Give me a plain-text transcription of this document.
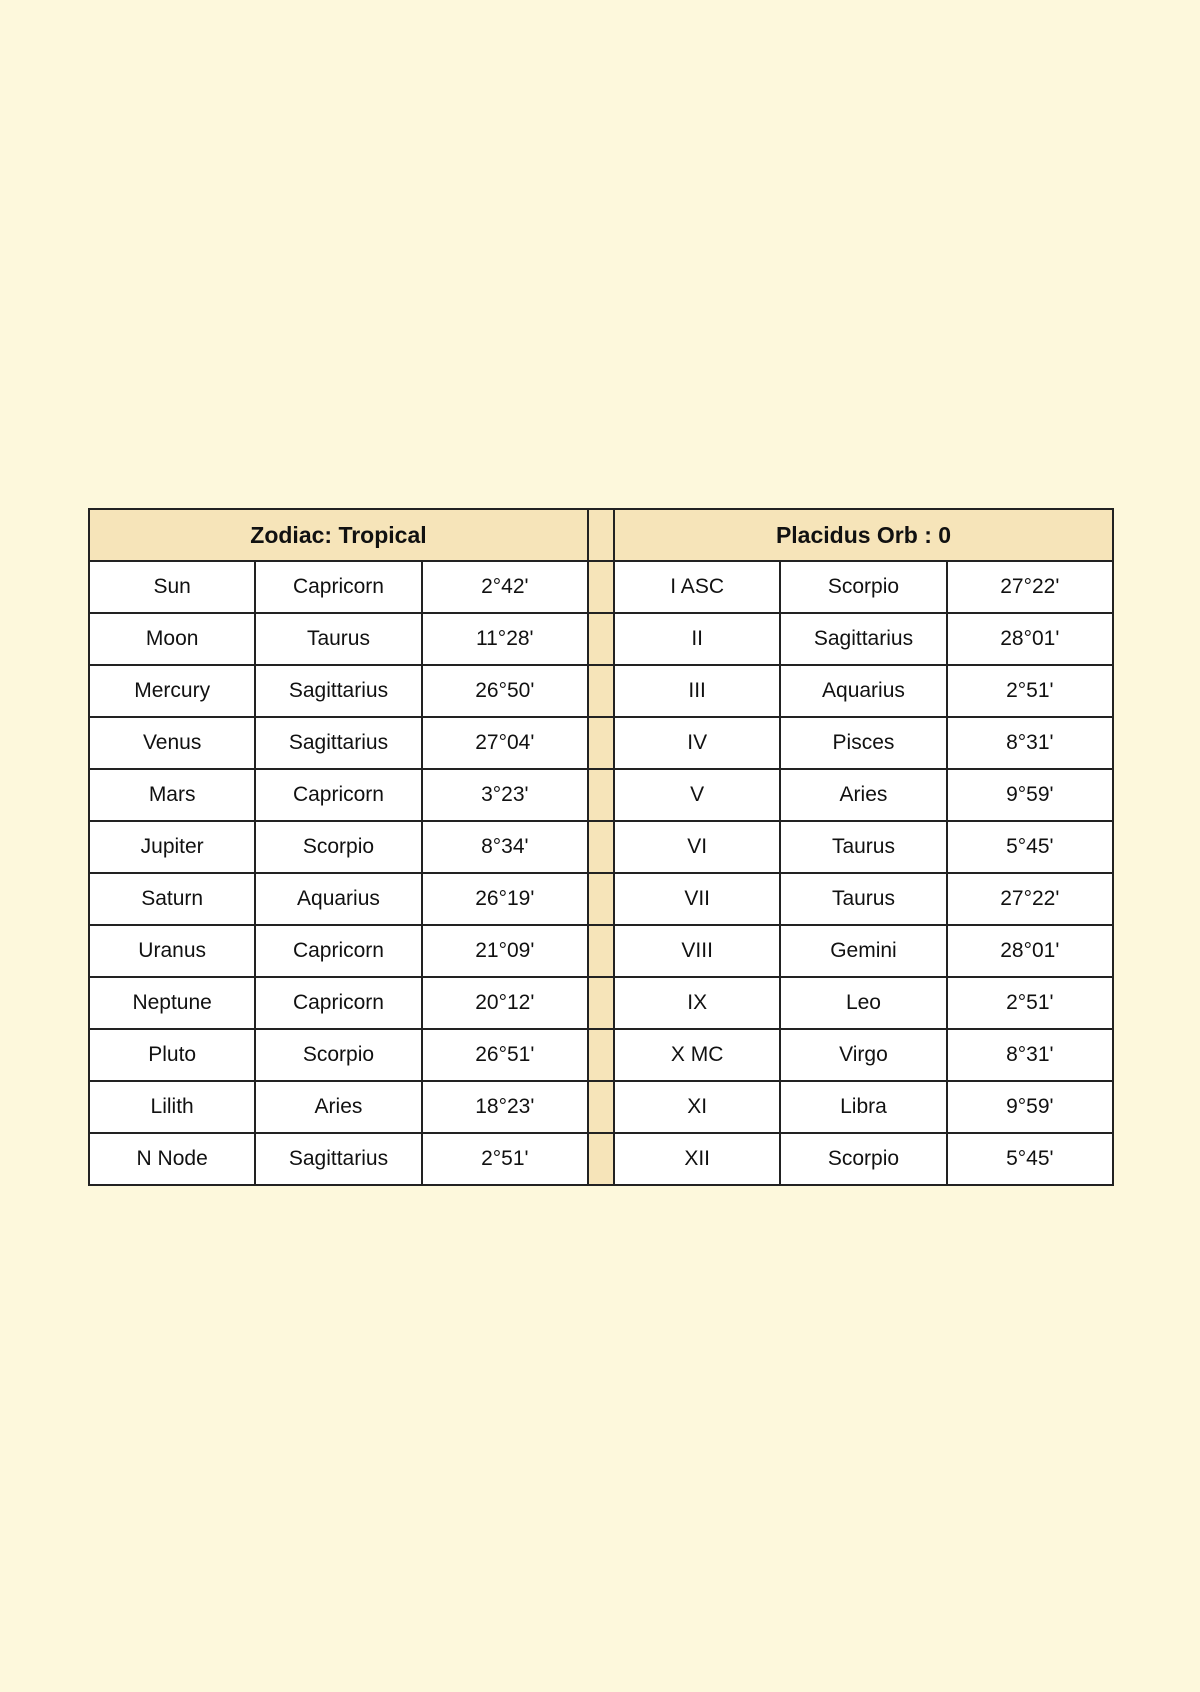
Zodiac: Tropical				Placidus Orb : 0		
Sun	Capricorn	2°42'		I ASC	Scorpio	27°22'
Moon	Taurus	11°28'		II	Sagittarius	28°01'
Mercury	Sagittarius	26°50'		III	Aquarius	2°51'
Venus	Sagittarius	27°04'		IV	Pisces	8°31'
Mars	Capricorn	3°23'		V	Aries	9°59'
Jupiter	Scorpio	8°34'		VI	Taurus	5°45'
Saturn	Aquarius	26°19'		VII	Taurus	27°22'
Uranus	Capricorn	21°09'		VIII	Gemini	28°01'
Neptune	Capricorn	20°12'		IX	Leo	2°51'
Pluto	Scorpio	26°51'		X MC	Virgo	8°31'
Lilith	Aries	18°23'		XI	Libra	9°59'
N Node	Sagittarius	2°51'		XII	Scorpio	5°45'
